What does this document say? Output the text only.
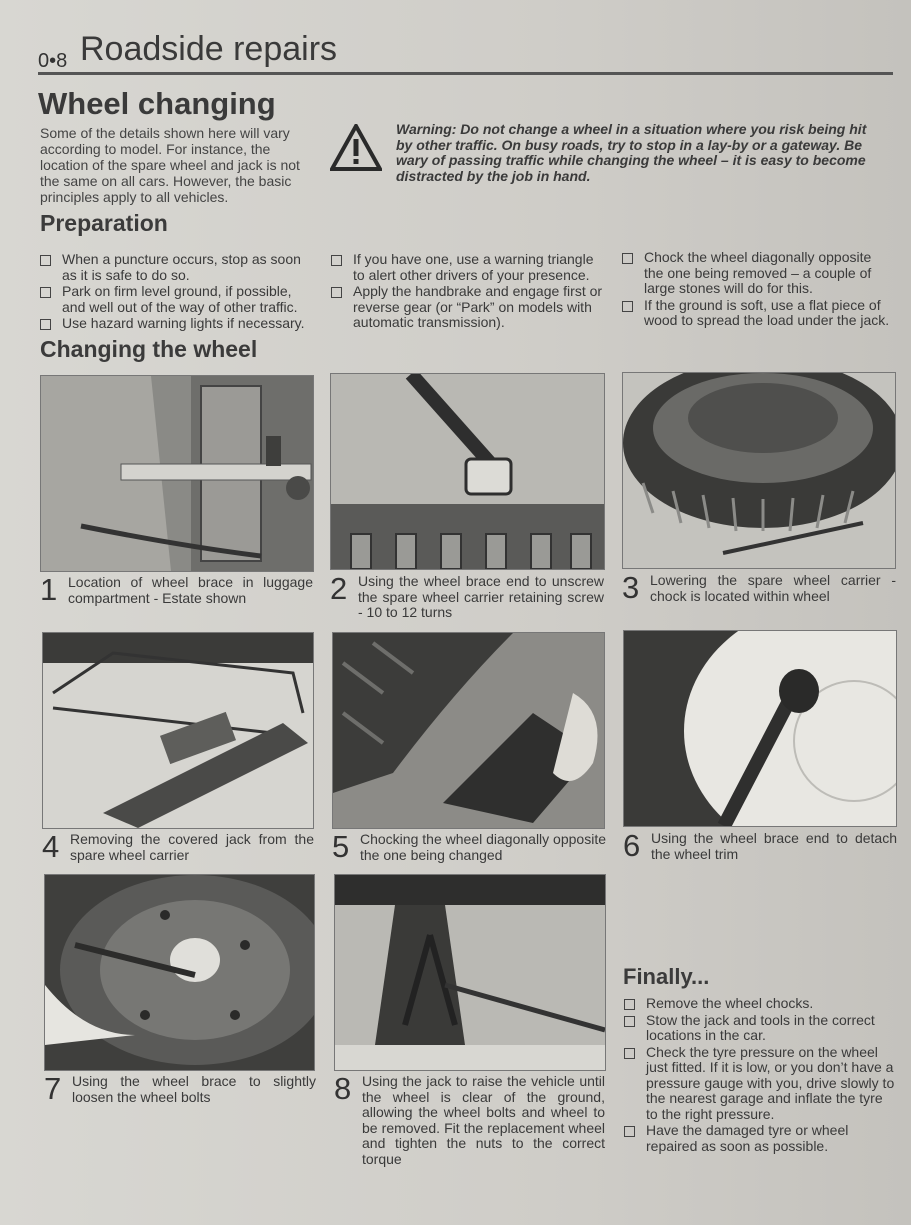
0•8 Roadside repairs
Wheel changing
Some of the details shown here will vary according to model. For instance, the location of the spare wheel and jack is not the same on all cars. However, the basic principles apply to all vehicles.
Warning: Do not change a wheel in a situation where you risk being hit by other traffic. On busy roads, try to stop in a lay-by or a gateway. Be wary of passing traffic while changing the wheel – it is easy to become distracted by the job in hand.
Preparation
When a puncture occurs, stop as soon as it is safe to do so.
Park on firm level ground, if possible, and well out of the way of other traffic.
Use hazard warning lights if necessary.
If you have one, use a warning triangle to alert other drivers of your presence.
Apply the handbrake and engage first or reverse gear (or “Park” on models with automatic transmission).
Chock the wheel diagonally opposite the one being removed – a couple of large stones will do for this.
If the ground is soft, use a flat piece of wood to spread the load under the jack.
Changing the wheel
1 Location of wheel brace in luggage compartment - Estate shown	2 Using the wheel brace end to unscrew the spare wheel carrier retaining screw - 10 to 12 turns
3 Lowering the spare wheel carrier - chock is located within wheel
4 Removing the covered jack from the spare wheel carrier	5 Chocking the wheel diagonally opposite the one being changed	6 Using the wheel brace end to detach the wheel trim
7 Using the wheel brace to slightly loosen the wheel bolts	8 Using the jack to raise the vehicle until the wheel is clear of the ground, allowing the wheel bolts and wheel to be removed. Fit the replacement wheel and tighten the nuts to the correct torque
Finally...
Remove the wheel chocks.
Stow the jack and tools in the correct locations in the car.
Check the tyre pressure on the wheel just fitted. If it is low, or you don’t have a pressure gauge with you, drive slowly to the nearest garage and inflate the tyre to the right pressure.
Have the damaged tyre or wheel repaired as soon as possible.
